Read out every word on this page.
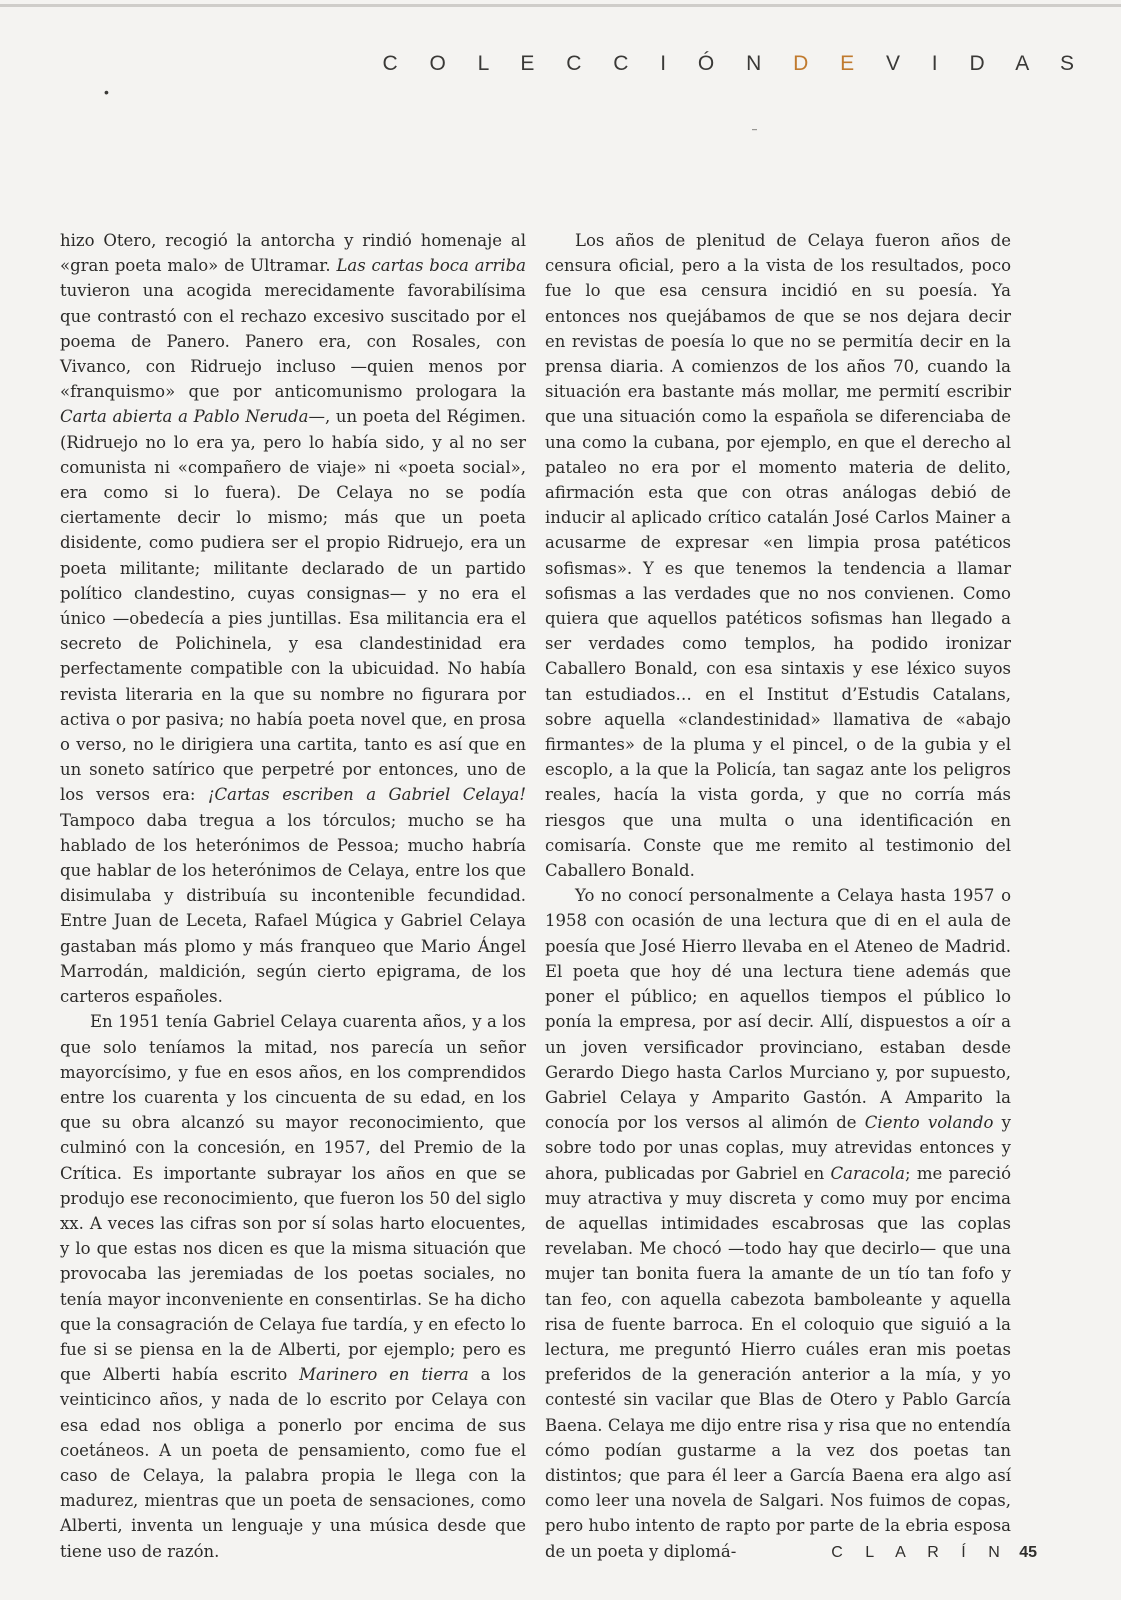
C O L E C C I Ó N D E V I D A S
•
–

hizo Otero, recogió la antorcha y rindió homenaje al «gran poeta malo» de Ultramar. Las cartas boca arriba tuvieron una acogida merecidamente favorabilísima que contrastó con el rechazo excesivo suscitado por el poema de Panero. Panero era, con Rosales, con Vivanco, con Ridruejo incluso —quien menos por «franquismo» que por anticomunismo prologara la Carta abierta a Pablo Neruda—, un poeta del Régimen. (Ridruejo no lo era ya, pero lo había sido, y al no ser comunista ni «compañero de viaje» ni «poeta social», era como si lo fuera). De Celaya no se podía ciertamente decir lo mismo; más que un poeta disidente, como pudiera ser el propio Ridruejo, era un poeta militante; militante declarado de un partido político clandestino, cuyas consignas— y no era el único —obedecía a pies juntillas. Esa militancia era el secreto de Polichinela, y esa clandestinidad era perfectamente compatible con la ubicuidad. No había revista literaria en la que su nombre no figurara por activa o por pasiva; no había poeta novel que, en prosa o verso, no le dirigiera una cartita, tanto es así que en un soneto satírico que perpetré por entonces, uno de los versos era: ¡Cartas escriben a Gabriel Celaya! Tampoco daba tregua a los tórculos; mucho se ha hablado de los heterónimos de Pessoa; mucho habría que hablar de los heterónimos de Celaya, entre los que disimulaba y distribuía su incontenible fecundidad. Entre Juan de Leceta, Rafael Múgica y Gabriel Celaya gastaban más plomo y más franqueo que Mario Ángel Marrodán, maldición, según cierto epigrama, de los carteros españoles.

En 1951 tenía Gabriel Celaya cuarenta años, y a los que solo teníamos la mitad, nos parecía un señor mayorcísimo, y fue en esos años, en los comprendidos entre los cuarenta y los cincuenta de su edad, en los que su obra alcanzó su mayor reconocimiento, que culminó con la concesión, en 1957, del Premio de la Crítica. Es importante subrayar los años en que se produjo ese reconocimiento, que fueron los 50 del siglo xx. A veces las cifras son por sí solas harto elocuentes, y lo que estas nos dicen es que la misma situación que provocaba las jeremiadas de los poetas sociales, no tenía mayor inconveniente en consentirlas. Se ha dicho que la consagración de Celaya fue tardía, y en efecto lo fue si se piensa en la de Alberti, por ejemplo; pero es que Alberti había escrito Marinero en tierra a los veinticinco años, y nada de lo escrito por Celaya con esa edad nos obliga a ponerlo por encima de sus coetáneos. A un poeta de pensamiento, como fue el caso de Celaya, la palabra propia le llega con la madurez, mientras que un poeta de sensaciones, como Alberti, inventa un lenguaje y una música desde que tiene uso de razón.

Los años de plenitud de Celaya fueron años de censura oficial, pero a la vista de los resultados, poco fue lo que esa censura incidió en su poesía. Ya entonces nos quejábamos de que se nos dejara decir en revistas de poesía lo que no se permitía decir en la prensa diaria. A comienzos de los años 70, cuando la situación era bastante más mollar, me permití escribir que una situación como la española se diferenciaba de una como la cubana, por ejemplo, en que el derecho al pataleo no era por el momento materia de delito, afirmación esta que con otras análogas debió de inducir al aplicado crítico catalán José Carlos Mainer a acusarme de expresar «en limpia prosa patéticos sofismas». Y es que tenemos la tendencia a llamar sofismas a las verdades que no nos convienen. Como quiera que aquellos patéticos sofismas han llegado a ser verdades como templos, ha podido ironizar Caballero Bonald, con esa sintaxis y ese léxico suyos tan estudiados… en el Institut d’Estudis Catalans, sobre aquella «clandestinidad» llamativa de «abajo firmantes» de la pluma y el pincel, o de la gubia y el escoplo, a la que la Policía, tan sagaz ante los peligros reales, hacía la vista gorda, y que no corría más riesgos que una multa o una identificación en comisaría. Conste que me remito al testimonio del Caballero Bonald.

Yo no conocí personalmente a Celaya hasta 1957 o 1958 con ocasión de una lectura que di en el aula de poesía que José Hierro llevaba en el Ateneo de Madrid. El poeta que hoy dé una lectura tiene además que poner el público; en aquellos tiempos el público lo ponía la empresa, por así decir. Allí, dispuestos a oír a un joven versificador provinciano, estaban desde Gerardo Diego hasta Carlos Murciano y, por supuesto, Gabriel Celaya y Amparito Gastón. A Amparito la conocía por los versos al alimón de Ciento volando y sobre todo por unas coplas, muy atrevidas entonces y ahora, publicadas por Gabriel en Caracola; me pareció muy atractiva y muy discreta y como muy por encima de aquellas intimidades escabrosas que las coplas revelaban. Me chocó —todo hay que decirlo— que una mujer tan bonita fuera la amante de un tío tan fofo y tan feo, con aquella cabezota bamboleante y aquella risa de fuente barroca. En el coloquio que siguió a la lectura, me preguntó Hierro cuáles eran mis poetas preferidos de la generación anterior a la mía, y yo contesté sin vacilar que Blas de Otero y Pablo García Baena. Celaya me dijo entre risa y risa que no entendía cómo podían gustarme a la vez dos poetas tan distintos; que para él leer a García Baena era algo así como leer una novela de Salgari. Nos fuimos de copas, pero hubo intento de rapto por parte de la ebria esposa de un poeta y diplomá-	C L A R Í N 45
